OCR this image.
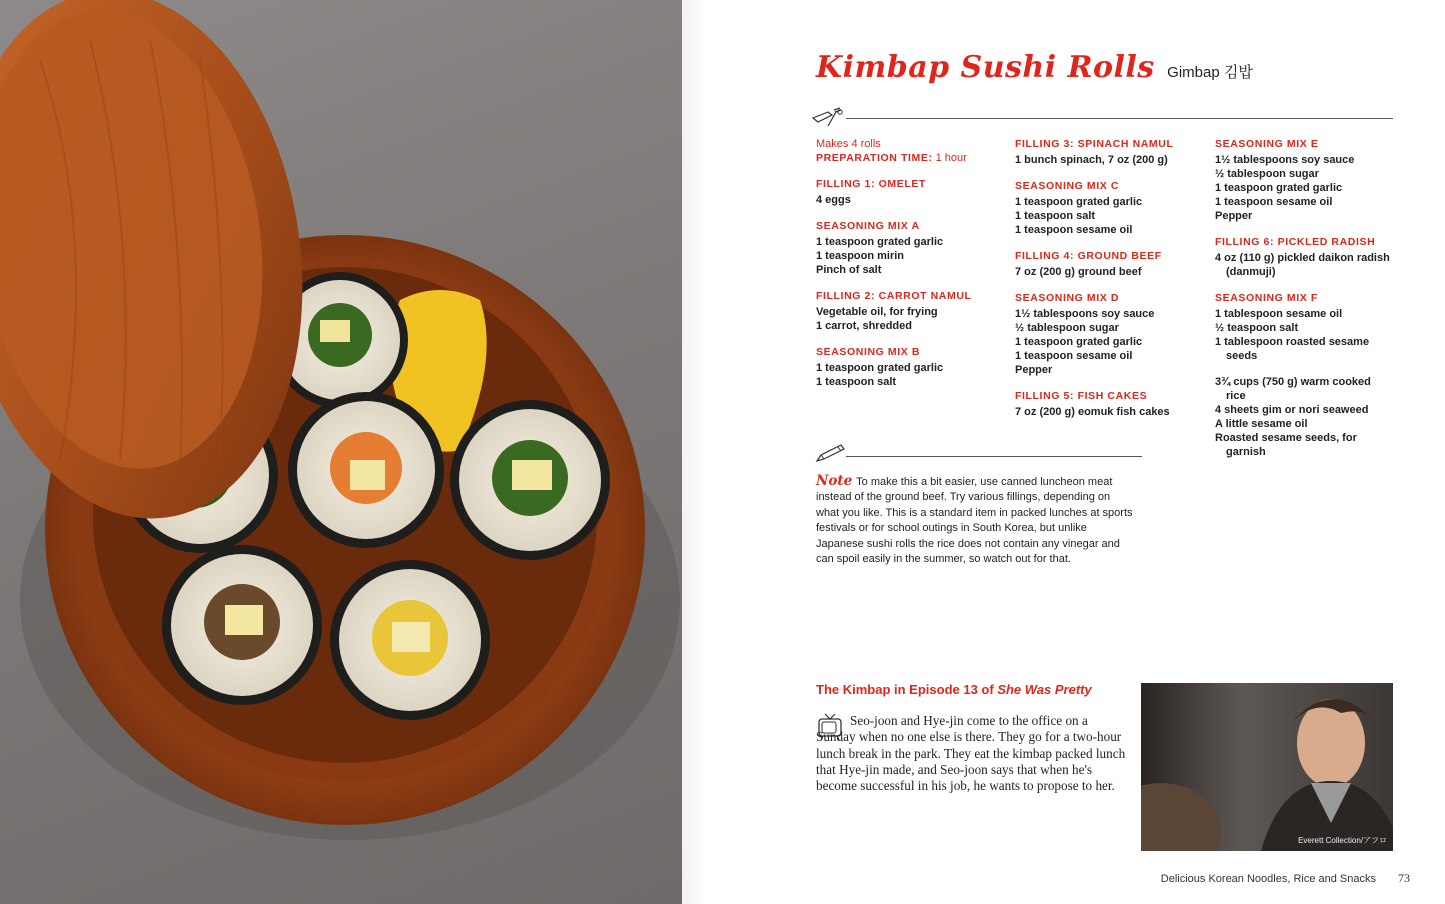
Kimbap Sushi Rolls Gimbap 김밥
Makes 4 rolls
PREPARATION TIME: 1 hour
FILLING 1: OMELET
4 eggs
SEASONING MIX A
1 teaspoon grated garlic
1 teaspoon mirin
Pinch of salt
FILLING 2: CARROT NAMUL
Vegetable oil, for frying
1 carrot, shredded
SEASONING MIX B
1 teaspoon grated garlic
1 teaspoon salt
FILLING 3: SPINACH NAMUL
1 bunch spinach, 7 oz (200 g)
SEASONING MIX C
1 teaspoon grated garlic
1 teaspoon salt
1 teaspoon sesame oil
FILLING 4: GROUND BEEF
7 oz (200 g) ground beef
SEASONING MIX D
1½ tablespoons soy sauce
½ tablespoon sugar
1 teaspoon grated garlic
1 teaspoon sesame oil
Pepper
FILLING 5: FISH CAKES
7 oz (200 g) eomuk fish cakes
SEASONING MIX E
1½ tablespoons soy sauce
½ tablespoon sugar
1 teaspoon grated garlic
1 teaspoon sesame oil
Pepper
FILLING 6: PICKLED RADISH
4 oz (110 g) pickled daikon radish
(danmuji)
SEASONING MIX F
1 tablespoon sesame oil
½ teaspoon salt
1 tablespoon roasted sesame
seeds
3¾ cups (750 g) warm cooked
rice
4 sheets gim or nori seaweed
A little sesame oil
Roasted sesame seeds, for
garnish
Note To make this a bit easier, use canned luncheon meat instead of the ground beef. Try various fillings, depending on what you like. This is a standard item in packed lunches at sports festivals or for school outings in South Korea, but unlike Japanese sushi rolls the rice does not contain any vinegar and can spoil easily in the summer, so watch out for that.
The Kimbap in Episode 13 of She Was Pretty
Seo-joon and Hye-jin come to the office on a Sunday when no one else is there. They go for a two-hour lunch break in the park. They eat the kimbap packed lunch that Hye-jin made, and Seo-joon says that when he's become successful in his job, he wants to propose to her.
Everett Collection/アフロ
Delicious Korean Noodles, Rice and Snacks 73
